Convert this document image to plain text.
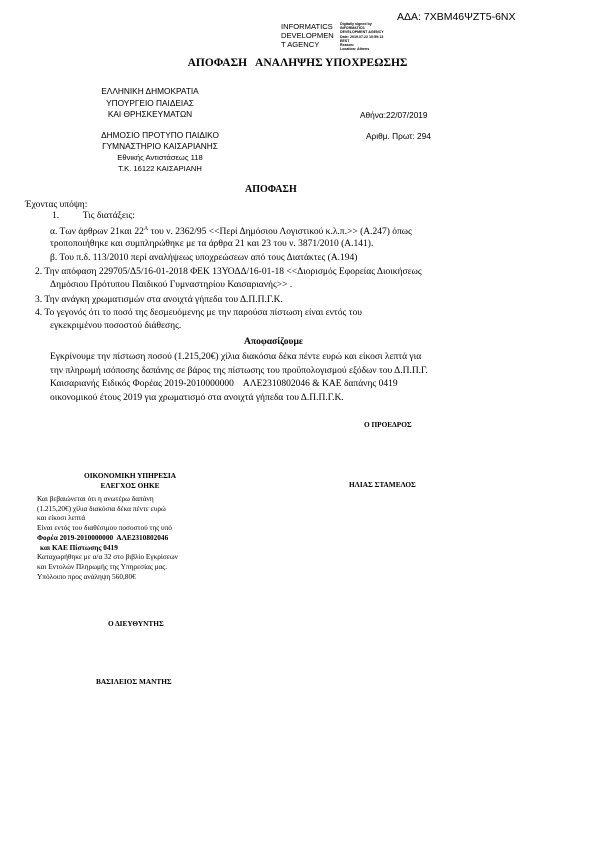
ΑΔΑ: 7ΧΒΜ46ΨΖΤ5-6ΝΧ
INFORMATICS
DEVELOPMEN
T AGENCY
Digitally signed by
INFORMATICS
DEVELOPMENT AGENCY
Date: 2019.07.22 10:59:13
EEST
Reason:
Location: Athens
ΑΠΟΦΑΣΗ   ΑΝΑΛΗΨΗΣ ΥΠΟΧΡΕΩΣΗΣ
ΕΛΛΗΝΙΚΗ ΔΗΜΟΚΡΑΤΙΑ
ΥΠΟΥΡΓΕΙΟ ΠΑΙΔΕΙΑΣ
ΚΑΙ ΘΡΗΣΚΕΥΜΑΤΩΝ	Αθήνα:22/07/2019
ΔΗΜΟΣΙΟ ΠΡΟΤΥΠΟ ΠΑΙΔΙΚΟ
ΓΥΜΝΑΣΤΗΡΙΟ ΚΑΙΣΑΡΙΑΝΗΣ
Εθνικής Αντιστάσεως 118
Τ.Κ. 16122 ΚΑΙΣΑΡΙΑΝΗ
Αριθμ. Πρωτ: 294
ΑΠΟΦΑΣΗ
Έχοντας υπόψη:
1.          Τις διατάξεις:
α. Των άρθρων 21και $22^A$ του ν. 2362/95 <<Περί Δημόσιου Λογιστικού κ.λ.π.>> (Α.247) όπως
τροποποιήθηκε και συμπληρώθηκε με τα άρθρα 21 και 23 του ν. 3871/2010 (Α.141).
β. Του π.δ. 113/2010 περί αναλήψεως υποχρεώσεων από τους Διατάκτες (Α.194)
2. Την απόφαση 229705/Δ5/16-01-2018 ΦΕΚ 13ΥΟΔΔ/16-01-18 <<Διορισμός Εφορείας Διοικήσεως
Δημόσιου Πρότυπου Παιδικού Γυμναστηρίου Καισαριανής>> .
3. Την ανάγκη χρωματισμών στα ανοιχτά γήπεδα του Δ.Π.Π.Γ.Κ.
4. Το γεγονός ότι το ποσό της δεσμευόμενης με την παρούσα πίστωση είναι εντός του
εγκεκριμένου ποσοστού διάθεσης.
Αποφασίζουμε
Εγκρίνουμε την πίστωση ποσού (1.215,20€) χίλια διακόσια δέκα πέντε ευρώ και είκοσι λεπτά για
την πληρωμή ισόποσης δαπάνης σε βάρος της πίστωσης του προϋπολογισμού εξόδων του Δ.Π.Π.Γ.
Καισαριανής Ειδικός Φορέας 2019-2010000000    ΑΛΕ2310802046 & ΚΑΕ δαπάνης 0419
οικονομικού έτους 2019 για χρωματισμό στα ανοιχτά γήπεδα του Δ.Π.Π.Γ.Κ.
Ο ΠΡΟΕΔΡΟΣ
ΗΛΙΑΣ ΣΤΑΜΕΛΟΣ
ΟΙΚΟΝΟΜΙΚΗ ΥΠΗΡΕΣΙΑ
ΕΛΕΓΧΟΣ ΟΗΚΕ
Και βεβαιώνεται ότι η ανωτέρω δαπάνη
(1.215,20€) χίλια διακόσια δέκα πέντε ευρώ
και είκοσι λεπτά
Είναι εντός του διαθέσιμου ποσοστού της υπό
Φορέα 2019-2010000000  ΑΛΕ2310802046
και ΚΑΕ Πίστωσης 0419
Καταχωρήθηκε με α/α 32 στο βιβλίο Εγκρίσεων
και Εντολών Πληρωμής της Υπηρεσίας μας.
Υπόλοιπο προς ανάληψη 560,80€
Ο ΔΙΕΥΘΥΝΤΗΣ
ΒΑΣΙΛΕΙΟΣ ΜΑΝΤΗΣ
